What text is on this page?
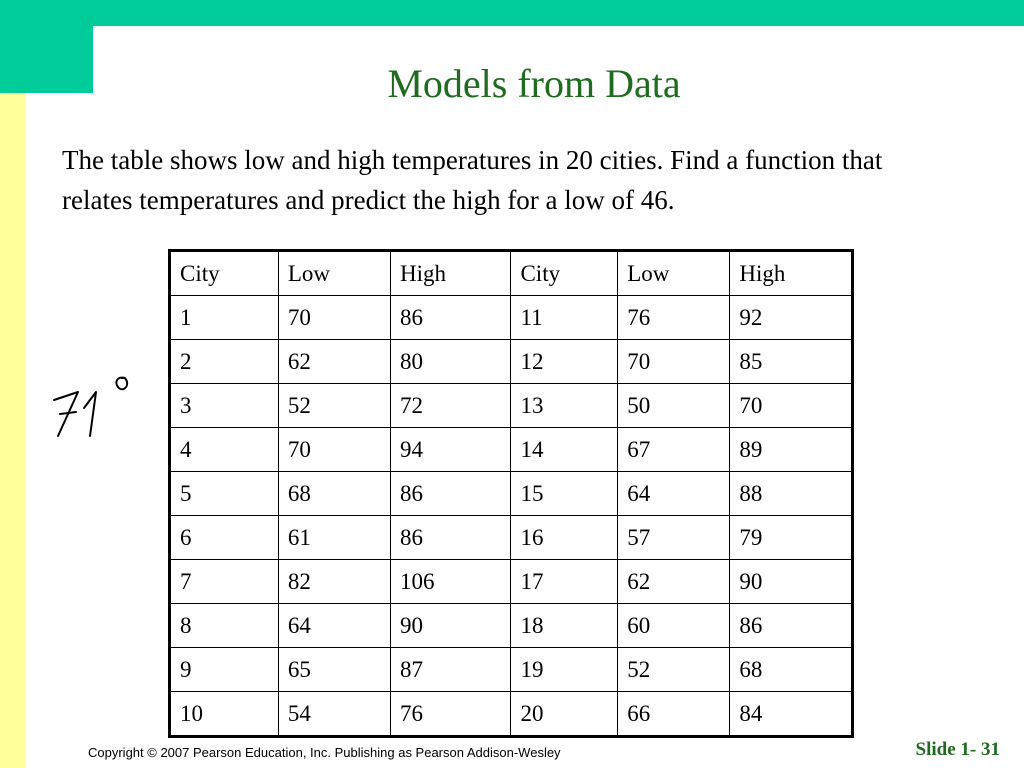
Models from Data
The table shows low and high temperatures in 20 cities. Find a function that relates temperatures and predict the high for a low of 46.
City	Low	High	City	Low	High
1	70	86	11	76	92
2	62	80	12	70	85
3	52	72	13	50	70
4	70	94	14	67	89
5	68	86	15	64	88
6	61	86	16	57	79
7	82	106	17	62	90
8	64	90	18	60	86
9	65	87	19	52	68
10	54	76	20	66	84
Copyright © 2007 Pearson Education, Inc. Publishing as Pearson Addison-Wesley	Slide 1- 31
